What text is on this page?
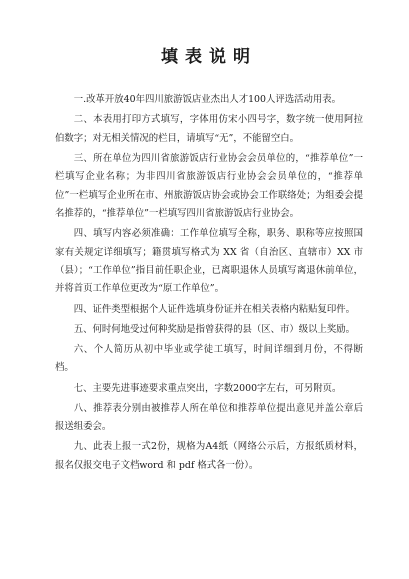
填表说明

一.改革开放40年四川旅游饭店业杰出人才100人评选活动用表。

二、本表用打印方式填写，字体用仿宋小四号字，数字统一使用阿拉伯数字；对无相关情况的栏目，请填写“无”，不能留空白。

三、所在单位为四川省旅游饭店行业协会会员单位的，“推荐单位”一栏填写企业名称；为非四川省旅游饭店行业协会会员单位的，“推荐单位”一栏填写企业所在市、州旅游饭店协会或协会工作联络处；为组委会提名推荐的，“推荐单位”一栏填写四川省旅游饭店行业协会。

四、填写内容必须准确：工作单位填写全称，职务、职称等应按照国家有关规定详细填写；籍贯填写格式为 XX 省（自治区、直辖市）XX 市（县）；“工作单位”指目前任职企业，已离职退休人员填写离退休前单位，并将首页工作单位更改为“原工作单位”。

四、证件类型根据个人证件选填身份证并在相关表格内粘贴复印件。

五、何时何地受过何种奖励是指曾获得的县（区、市）级以上奖励。

六、个人简历从初中毕业或学徒工填写，时间详细到月份，不得断档。

七、主要先进事迹要求重点突出，字数2000字左右，可另附页。

八、推荐表分别由被推荐人所在单位和推荐单位提出意见并盖公章后报送组委会。

九、此表上报一式2份，规格为A4纸（网络公示后，方报纸质材料，报名仅报交电子文档word 和 pdf 格式各一份）。
